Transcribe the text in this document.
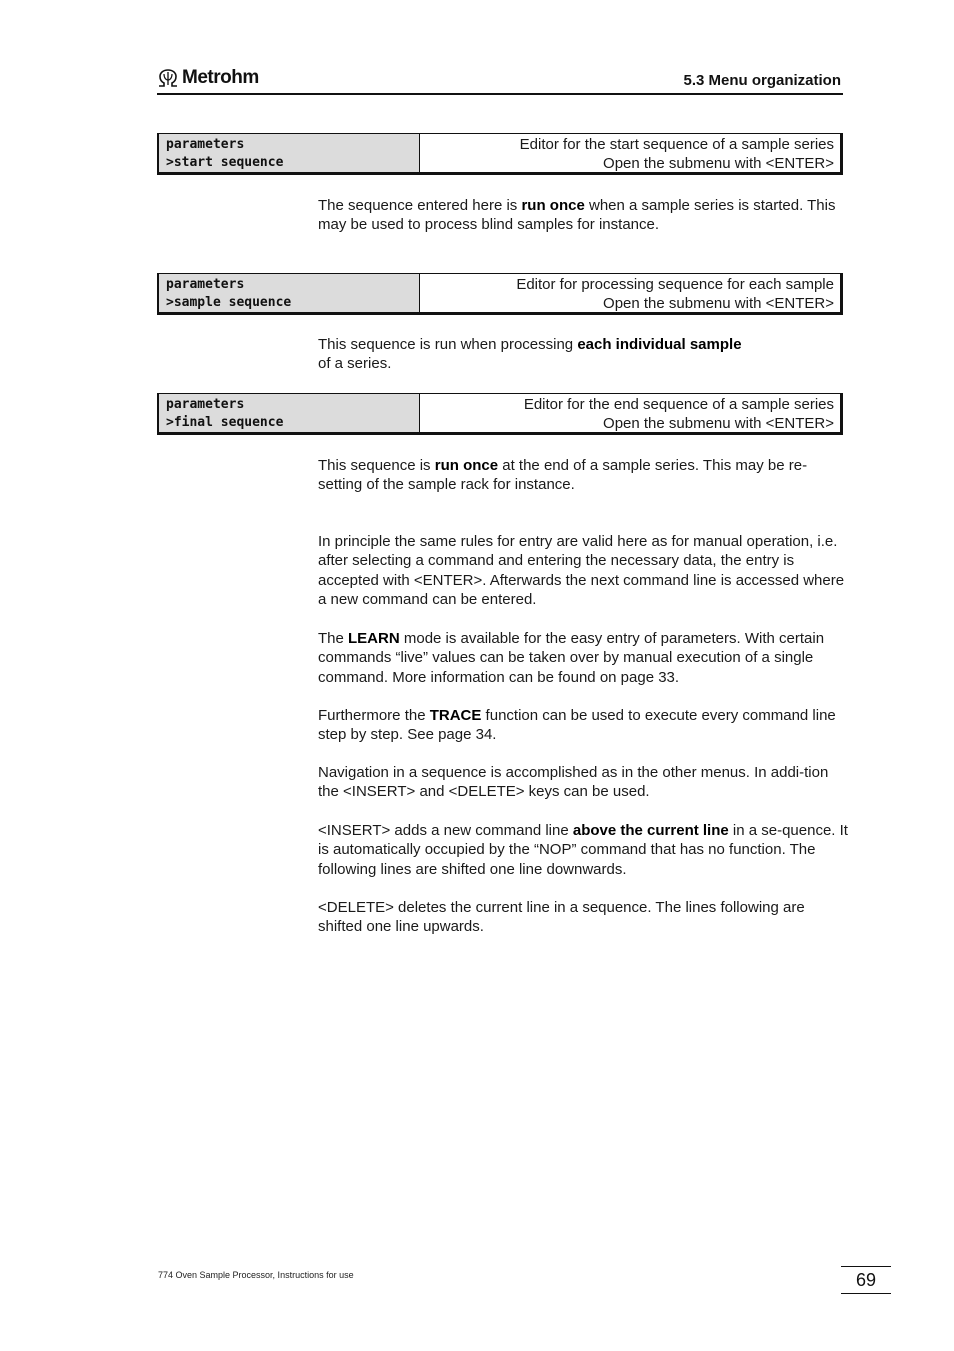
Metrohm	5.3 Menu organization
parameters
>start sequence
Editor for the start sequence of a sample series
Open the submenu with <ENTER>
The sequence entered here is run once when a sample series is started. This may be used to process blind samples for instance.
parameters
>sample sequence
Editor for processing sequence for each sample
Open the submenu with <ENTER>
This sequence is run when processing each individual sample
of a series.
parameters
>final sequence
Editor for the end sequence of a sample series
Open the submenu with <ENTER>
This sequence is run once at the end of a sample series. This may be re-setting of the sample rack for instance.
In principle the same rules for entry are valid here as for manual operation, i.e. after selecting a command and entering the necessary data, the entry is accepted with <ENTER>. Afterwards the next command line is accessed where a new command can be entered.
The LEARN mode is available for the easy entry of parameters. With certain commands “live” values can be taken over by manual execution of a single command. More information can be found on page 33.
Furthermore the TRACE function can be used to execute every command line step by step. See page 34.
Navigation in a sequence is accomplished as in the other menus. In addi-tion the <INSERT> and <DELETE> keys can be used.
<INSERT> adds a new command line above the current line in a se-quence. It is automatically occupied by the “NOP” command that has no function. The following lines are shifted one line downwards.
<DELETE> deletes the current line in a sequence. The lines following are shifted one line upwards.
774 Oven Sample Processor, Instructions for use	69
